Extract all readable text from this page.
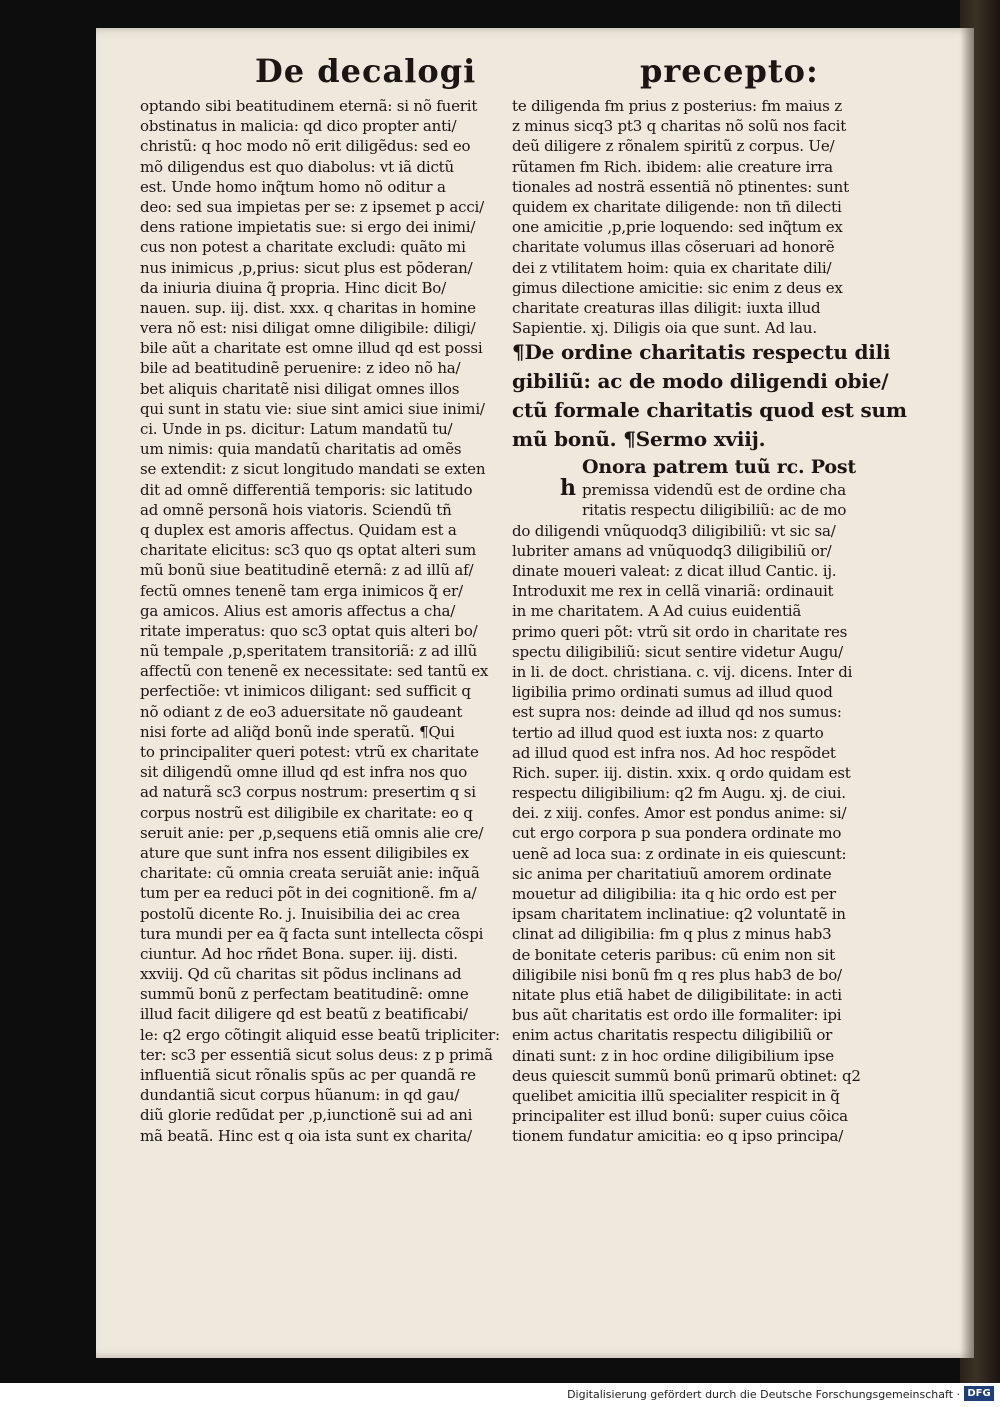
De decalogi	precepto:
optando sibi beatitudinem eternã: si nõ fuerit
obstinatus in malicia: qd dico propter anti/
christũ: q hoc modo nõ erit diligẽdus: sed eo
mõ diligendus est quo diabolus: vt iã dictũ
est. Unde homo inq̃tum homo nõ oditur a
deo: sed sua impietas per se: z ipsemet p acci/
dens ratione impietatis sue: si ergo dei inimi/
cus non potest a charitate excludi: quãto mi
nus inimicus ,p,prius: sicut plus est põderan/
da iniuria diuina q̃ propria. Hinc dicit Bo/
nauen. sup. iij. dist. xxx. q charitas in homine
vera nõ est: nisi diligat omne diligibile: diligi/
bile aũt a charitate est omne illud qd est possi
bile ad beatitudinẽ peruenire: z ideo nõ ha/
bet aliquis charitatẽ nisi diligat omnes illos
qui sunt in statu vie: siue sint amici siue inimi/
ci. Unde in ps. dicitur: Latum mandatũ tu/
um nimis: quia mandatũ charitatis ad omẽs
se extendit: z sicut longitudo mandati se exten
dit ad omnẽ differentiã temporis: sic latitudo
ad omnẽ personã hois viatoris. Sciendũ tñ
q duplex est amoris affectus. Quidam est a
charitate elicitus: sc3 quo qs optat alteri sum
mũ bonũ siue beatitudinẽ eternã: z ad illũ af/
fectũ omnes tenenẽ tam erga inimicos q̃ er/
ga amicos. Alius est amoris affectus a cha/
ritate imperatus: quo sc3 optat quis alteri bo/
nũ tempale ,p,speritatem transitoriã: z ad illũ
affectũ con tenenẽ ex necessitate: sed tantũ ex
perfectiõe: vt inimicos diligant: sed sufficit q
nõ odiant z de eo3 aduersitate nõ gaudeant
nisi forte ad aliq̃d bonũ inde speratũ. ¶Qui
to principaliter queri potest: vtrũ ex charitate
sit diligendũ omne illud qd est infra nos quo
ad naturã sc3 corpus nostrum: presertim q si
corpus nostrũ est diligibile ex charitate: eo q
seruit anie: per ,p,sequens etiã omnis alie cre/
ature que sunt infra nos essent diligibiles ex
charitate: cũ omnia creata seruiãt anie: inq̃uã
tum per ea reduci põt in dei cognitionẽ. fm a/
postolũ dicente Ro. j. Inuisibilia dei ac crea
tura mundi per ea q̃ facta sunt intellecta cõspi
ciuntur. Ad hoc rñdet Bona. super. iij. disti.
xxviij. Qd cũ charitas sit põdus inclinans ad
summũ bonũ z perfectam beatitudinẽ: omne
illud facit diligere qd est beatũ z beatificabi/
le: q2 ergo cõtingit aliquid esse beatũ tripliciter:
ter: sc3 per essentiã sicut solus deus: z p primã
influentiã sicut rõnalis spũs ac per quandã re
dundantiã sicut corpus hũanum: in qd gau/
diũ glorie redũdat per ,p,iunctionẽ sui ad ani
mã beatã. Hinc est q oia ista sunt ex charita/
te diligenda fm prius z posterius: fm maius z
z minus sicq3 pt3 q charitas nõ solũ nos facit
deũ diligere z rõnalem spiritũ z corpus. Ue/
rũtamen fm Rich. ibidem: alie creature irra
tionales ad nostrã essentiã nõ ptinentes: sunt
quidem ex charitate diligende: non tñ dilecti
one amicitie ,p,prie loquendo: sed inq̃tum ex
charitate volumus illas cõseruari ad honorẽ
dei z vtilitatem hoim: quia ex charitate dili/
gimus dilectione amicitie: sic enim z deus ex
charitate creaturas illas diligit: iuxta illud
Sapientie. xj. Diligis oia que sunt. Ad lau.
¶De ordine charitatis respectu dili
gibiliũ: ac de modo diligendi obie/
ctũ formale charitatis quod est sum
mũ bonũ. ¶Sermo xviij.
Onora patrem tuũ rc. Post
h premissa videndũ est de ordine cha
ritatis respectu diligibiliũ: ac de mo
do diligendi vnũquodq3 diligibiliũ: vt sic sa/
lubriter amans ad vnũquodq3 diligibiliũ or/
dinate moueri valeat: z dicat illud Cantic. ij.
Introduxit me rex in cellã vinariã: ordinauit
in me charitatem. A Ad cuius euidentiã
primo queri põt: vtrũ sit ordo in charitate res
spectu diligibiliũ: sicut sentire videtur Augu/
in li. de doct. christiana. c. vij. dicens. Inter di
ligibilia primo ordinati sumus ad illud quod
est supra nos: deinde ad illud qd nos sumus:
tertio ad illud quod est iuxta nos: z quarto
ad illud quod est infra nos. Ad hoc respõdet
Rich. super. iij. distin. xxix. q ordo quidam est
respectu diligibilium: q2 fm Augu. xj. de ciui.
dei. z xiij. confes. Amor est pondus anime: si/
cut ergo corpora p sua pondera ordinate mo
uenẽ ad loca sua: z ordinate in eis quiescunt:
sic anima per charitatiuũ amorem ordinate
mouetur ad diligibilia: ita q hic ordo est per
ipsam charitatem inclinatiue: q2 voluntatẽ in
clinat ad diligibilia: fm q plus z minus hab3
de bonitate ceteris paribus: cũ enim non sit
diligibile nisi bonũ fm q res plus hab3 de bo/
nitate plus etiã habet de diligibilitate: in acti
bus aũt charitatis est ordo ille formaliter: ipi
enim actus charitatis respectu diligibiliũ or
dinati sunt: z in hoc ordine diligibilium ipse
deus quiescit summũ bonũ primarũ obtinet: q2
quelibet amicitia illũ specialiter respicit in q̃
principaliter est illud bonũ: super cuius cõica
tionem fundatur amicitia: eo q ipso principa/
Digitalisierung gefördert durch die Deutsche Forschungsgemeinschaft · DFG
